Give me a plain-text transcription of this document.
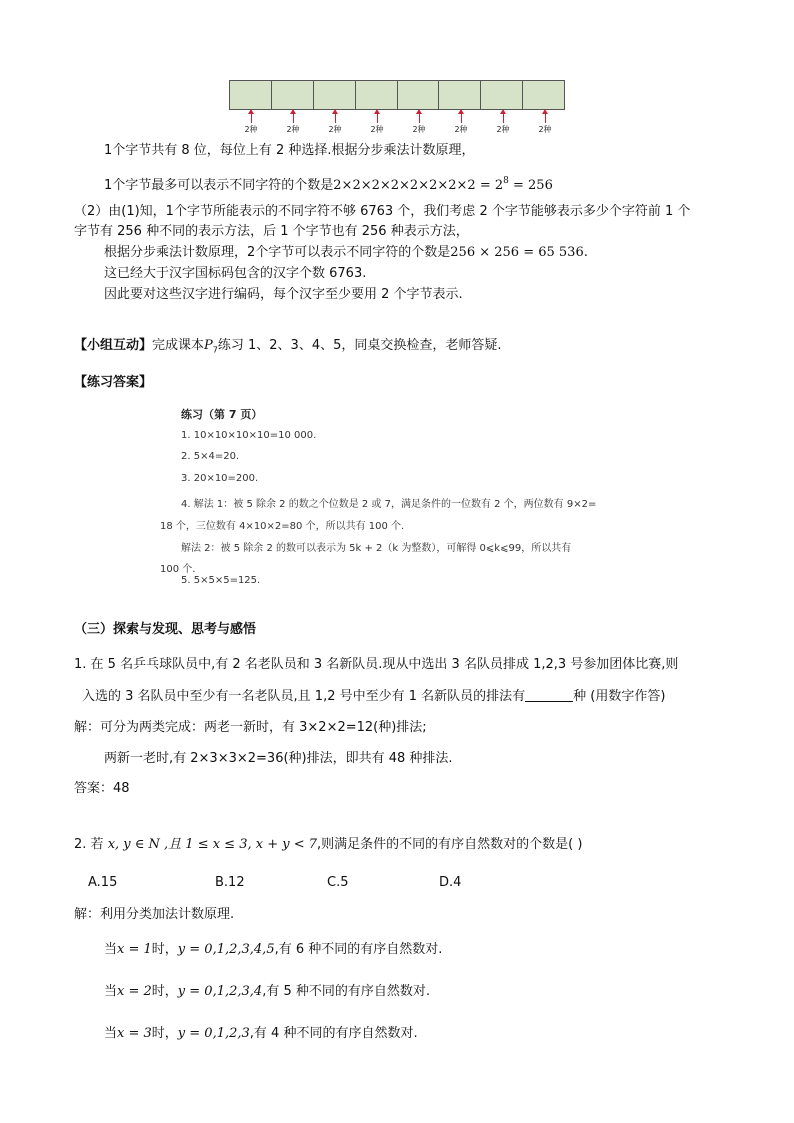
2种	2种	2种	2种	2种	2种	2种	2种
1个字节共有 8 位，每位上有 2 种选择.根据分步乘法计数原理，
1个字节最多可以表示不同字符的个数是$2\times 2\times 2\times 2\times 2\times 2\times 2\times 2 = 2^8 = 256$
（2）由(1)知，1个字节所能表示的不同字符不够 6763 个，我们考虑 2 个字节能够表示多少个字符前 1 个
字节有 256 种不同的表示方法，后 1 个字节也有 256 种表示方法，
根据分步乘法计数原理，2个字节可以表示不同字符的个数是256 × 256 = 65 536.
这已经大于汉字国标码包含的汉字个数 6763.
因此要对这些汉字进行编码，每个汉字至少要用 2 个字节表示.
【小组互动】完成课本$P_7$练习 1、2、3、4、5，同桌交换检查，老师答疑.
【练习答案】
练习（第 7 页）
1. 10×10×10×10=10 000.
2. 5×4=20.
3. 20×10=200.
4. 解法 1：被 5 除余 2 的数之个位数是 2 或 7，满足条件的一位数有 2 个，两位数有 9×2=
18 个，三位数有 4×10×2=80 个，所以共有 100 个.
解法 2：被 5 除余 2 的数可以表示为 5k + 2（k 为整数），可解得 0⩽k⩽99，所以共有
100 个.
5. 5×5×5=125.
（三）探索与发现、思考与感悟
1. 在 5 名乒乓球队员中,有 2 名老队员和 3 名新队员.现从中选出 3 名队员排成 1,2,3 号参加团体比赛,则
入选的 3 名队员中至少有一名老队员,且 1,2 号中至少有 1 名新队员的排法有	种 (用数字作答)
解：可分为两类完成：两老一新时，有 3×2×2=12(种)排法;
两新一老时,有 2×3×3×2=36(种)排法，即共有 48 种排法.
答案：48
2. 若 x, y ∈ N ,且 1 ≤ x ≤ 3, x + y < 7,则满足条件的不同的有序自然数对的个数是( )
A.15	B.12	C.5	D.4
解：利用分类加法计数原理.
当x = 1时，y = 0,1,2,3,4,5,有 6 种不同的有序自然数对.
当x = 2时，y = 0,1,2,3,4,有 5 种不同的有序自然数对.
当x = 3时，y = 0,1,2,3,有 4 种不同的有序自然数对.
